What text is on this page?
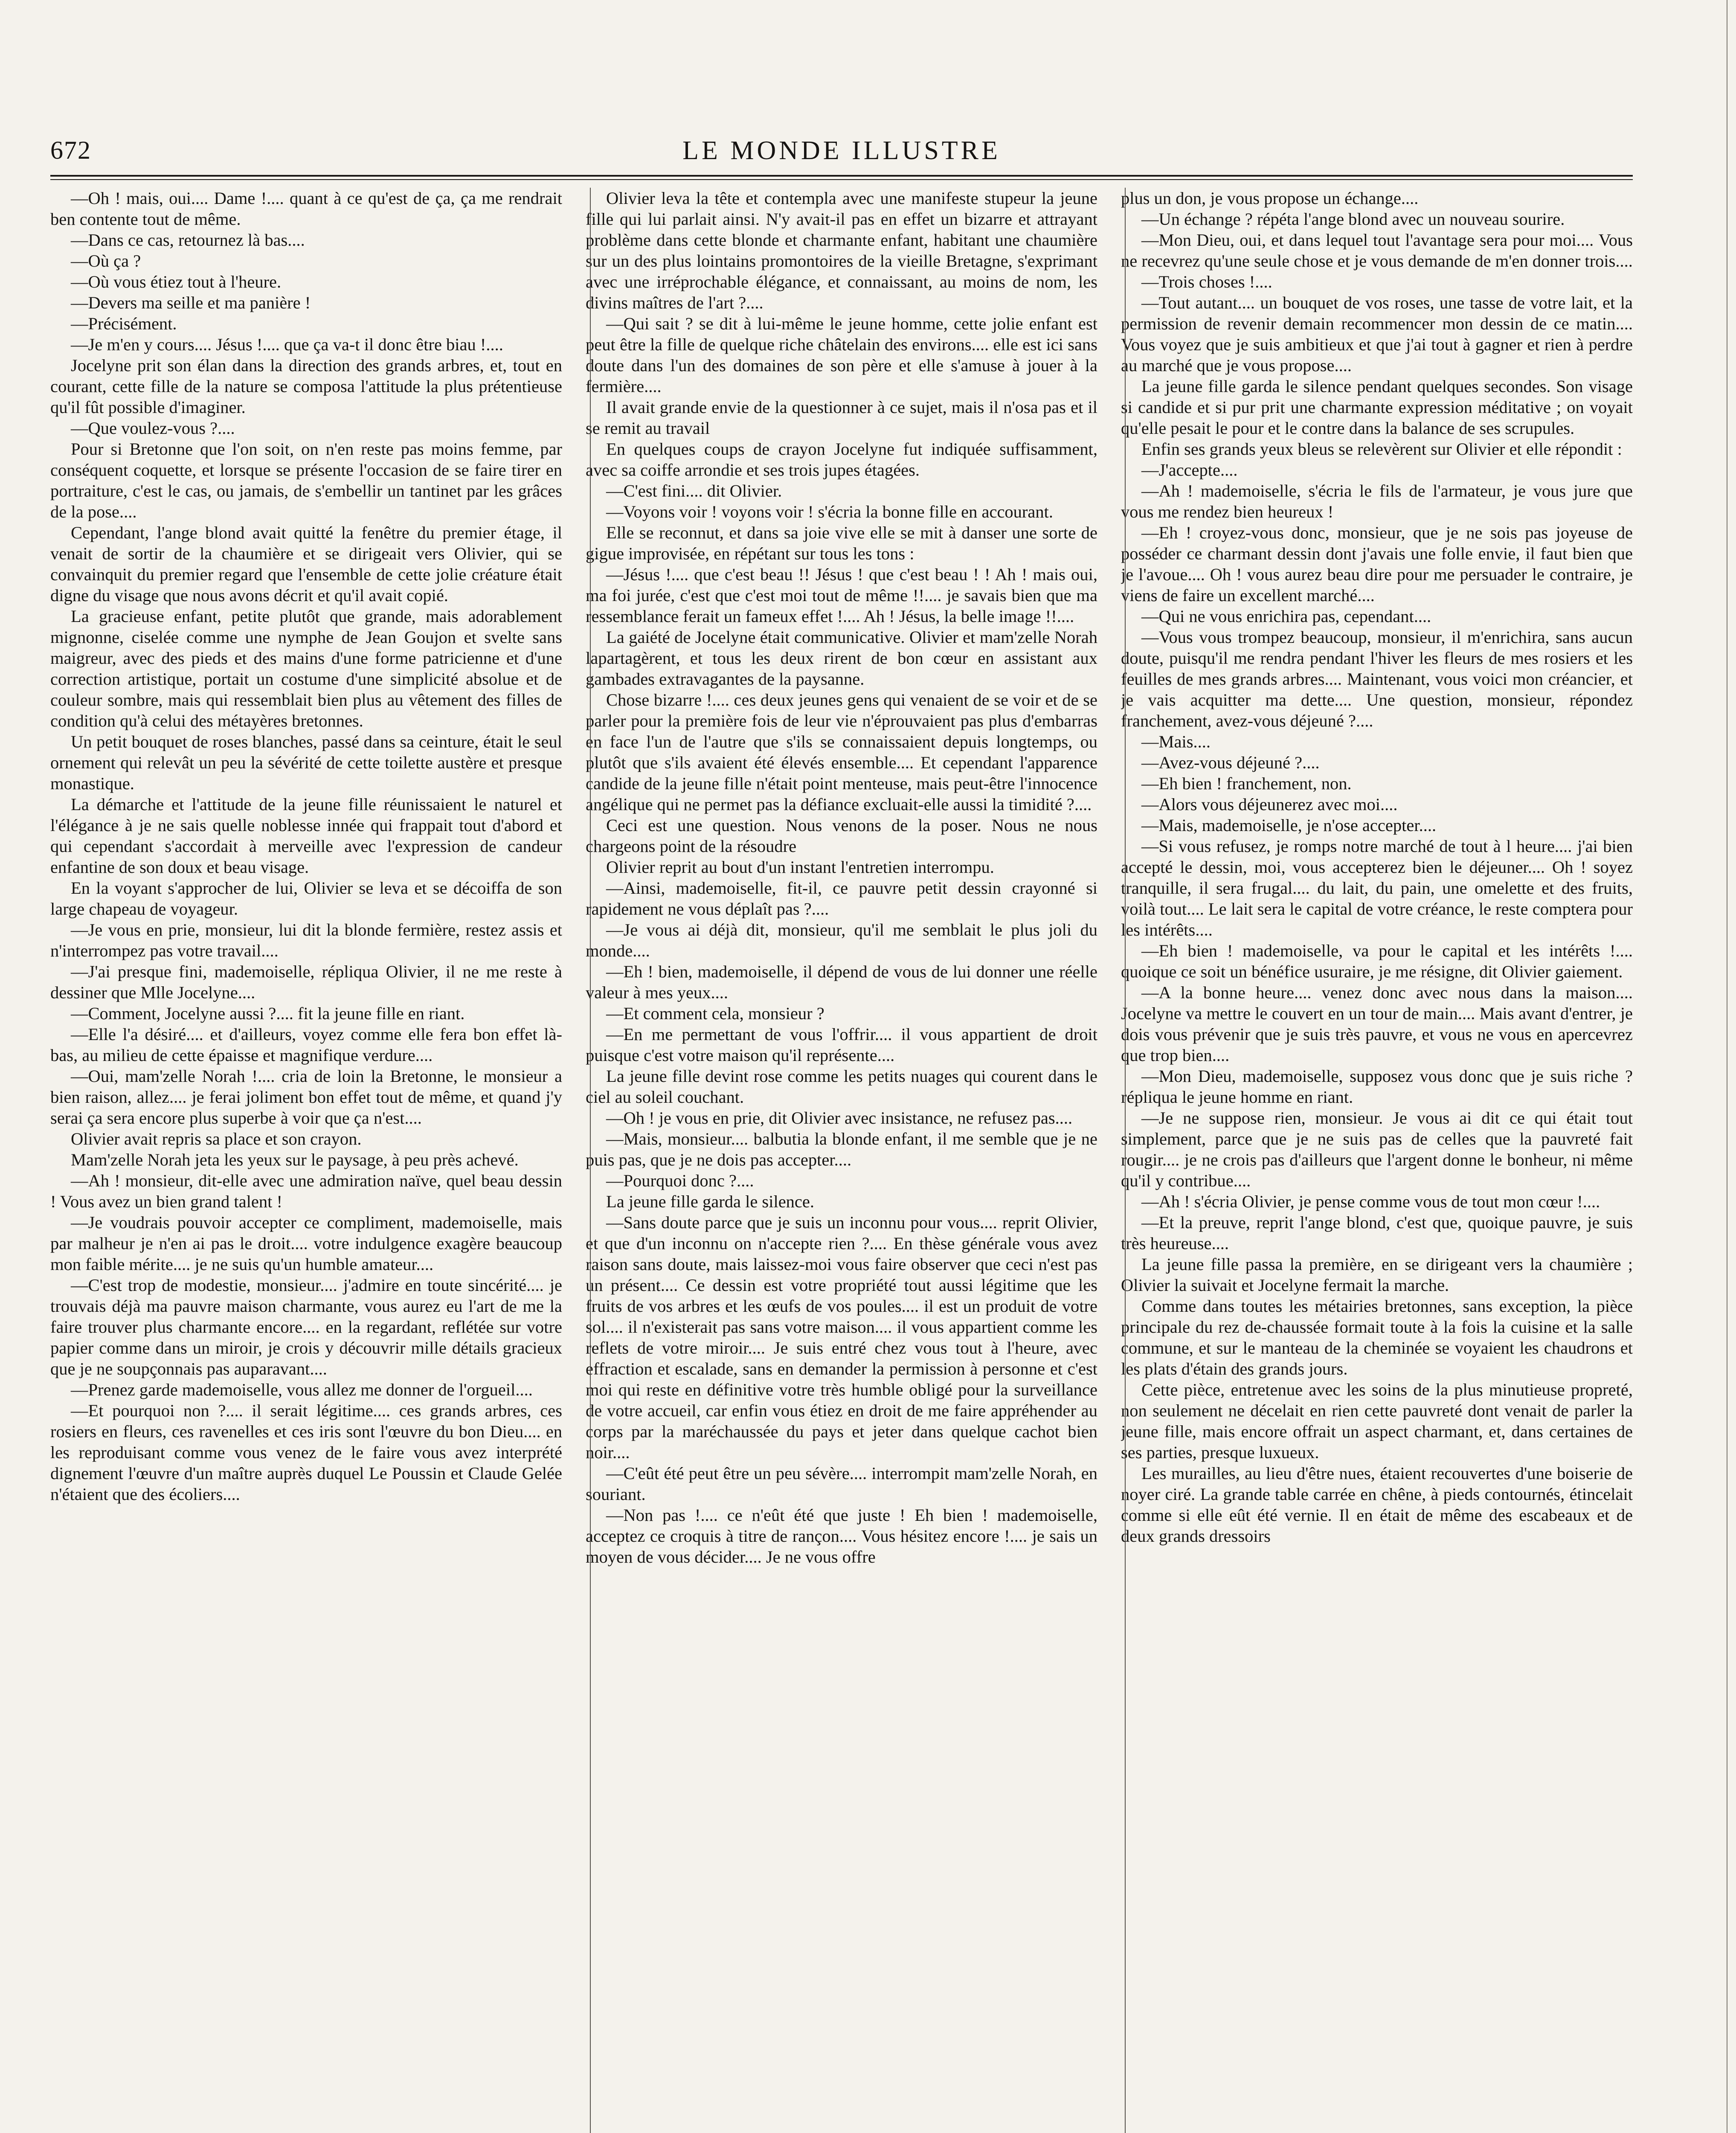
672	LE MONDE ILLUSTRE

—Oh ! mais, oui.... Dame !.... quant à ce qu'est de ça, ça me rendrait ben contente tout de même.

—Dans ce cas, retournez là bas....

—Où ça ?

—Où vous étiez tout à l'heure.

—Devers ma seille et ma panière !

—Précisément.

—Je m'en y cours.... Jésus !.... que ça va-t il donc être biau !....

Jocelyne prit son élan dans la direction des grands arbres, et, tout en courant, cette fille de la nature se composa l'attitude la plus prétentieuse qu'il fût possible d'imaginer.

—Que voulez-vous ?....

Pour si Bretonne que l'on soit, on n'en reste pas moins femme, par conséquent coquette, et lorsque se présente l'occasion de se faire tirer en portraiture, c'est le cas, ou jamais, de s'embellir un tantinet par les grâces de la pose....

Cependant, l'ange blond avait quitté la fenêtre du premier étage, il venait de sortir de la chaumière et se dirigeait vers Olivier, qui se convainquit du premier regard que l'ensemble de cette jolie créature était digne du visage que nous avons décrit et qu'il avait copié.

La gracieuse enfant, petite plutôt que grande, mais adorablement mignonne, ciselée comme une nymphe de Jean Goujon et svelte sans maigreur, avec des pieds et des mains d'une forme patricienne et d'une correction artistique, portait un costume d'une simplicité absolue et de couleur sombre, mais qui ressemblait bien plus au vêtement des filles de condition qu'à celui des métayères bretonnes.

Un petit bouquet de roses blanches, passé dans sa ceinture, était le seul ornement qui relevât un peu la sévérité de cette toilette austère et presque monastique.

La démarche et l'attitude de la jeune fille réunissaient le naturel et l'élégance à je ne sais quelle noblesse innée qui frappait tout d'abord et qui cependant s'accordait à merveille avec l'expression de candeur enfantine de son doux et beau visage.

En la voyant s'approcher de lui, Olivier se leva et se décoiffa de son large chapeau de voyageur.

—Je vous en prie, monsieur, lui dit la blonde fermière, restez assis et n'interrompez pas votre travail....

—J'ai presque fini, mademoiselle, répliqua Olivier, il ne me reste à dessiner que Mlle Jocelyne....

—Comment, Jocelyne aussi ?.... fit la jeune fille en riant.

—Elle l'a désiré.... et d'ailleurs, voyez comme elle fera bon effet là-bas, au milieu de cette épaisse et magnifique verdure....

—Oui, mam'zelle Norah !.... cria de loin la Bretonne, le monsieur a bien raison, allez.... je ferai joliment bon effet tout de même, et quand j'y serai ça sera encore plus superbe à voir que ça n'est....

Olivier avait repris sa place et son crayon.

Mam'zelle Norah jeta les yeux sur le paysage, à peu près achevé.

—Ah ! monsieur, dit-elle avec une admiration naïve, quel beau dessin ! Vous avez un bien grand talent !

—Je voudrais pouvoir accepter ce compliment, mademoiselle, mais par malheur je n'en ai pas le droit.... votre indulgence exagère beaucoup mon faible mérite.... je ne suis qu'un humble amateur....

—C'est trop de modestie, monsieur.... j'admire en toute sincérité.... je trouvais déjà ma pauvre maison charmante, vous aurez eu l'art de me la faire trouver plus charmante encore.... en la regardant, reflétée sur votre papier comme dans un miroir, je crois y découvrir mille détails gracieux que je ne soupçonnais pas auparavant....

—Prenez garde mademoiselle, vous allez me donner de l'orgueil....

—Et pourquoi non ?.... il serait légitime.... ces grands arbres, ces rosiers en fleurs, ces ravenelles et ces iris sont l'œuvre du bon Dieu.... en les reproduisant comme vous venez de le faire vous avez interprété dignement l'œuvre d'un maître auprès duquel Le Poussin et Claude Gelée n'étaient que des écoliers....

Olivier leva la tête et contempla avec une manifeste stupeur la jeune fille qui lui parlait ainsi. N'y avait-il pas en effet un bizarre et attrayant problème dans cette blonde et charmante enfant, habitant une chaumière sur un des plus lointains promontoires de la vieille Bretagne, s'exprimant avec une irréprochable élégance, et connaissant, au moins de nom, les divins maîtres de l'art ?....

—Qui sait ? se dit à lui-même le jeune homme, cette jolie enfant est peut être la fille de quelque riche châtelain des environs.... elle est ici sans doute dans l'un des domaines de son père et elle s'amuse à jouer à la fermière....

Il avait grande envie de la questionner à ce sujet, mais il n'osa pas et il se remit au travail

En quelques coups de crayon Jocelyne fut indiquée suffisamment, avec sa coiffe arrondie et ses trois jupes étagées.

—C'est fini.... dit Olivier.

—Voyons voir ! voyons voir ! s'écria la bonne fille en accourant.

Elle se reconnut, et dans sa joie vive elle se mit à danser une sorte de gigue improvisée, en répétant sur tous les tons :

—Jésus !.... que c'est beau !! Jésus ! que c'est beau ! ! Ah ! mais oui, ma foi jurée, c'est que c'est moi tout de même !!.... je savais bien que ma ressemblance ferait un fameux effet !.... Ah ! Jésus, la belle image !!....

La gaiété de Jocelyne était communicative. Olivier et mam'zelle Norah lapartagèrent, et tous les deux rirent de bon cœur en assistant aux gambades extravagantes de la paysanne.

Chose bizarre !.... ces deux jeunes gens qui venaient de se voir et de se parler pour la première fois de leur vie n'éprouvaient pas plus d'embarras en face l'un de l'autre que s'ils se connaissaient depuis longtemps, ou plutôt que s'ils avaient été élevés ensemble.... Et cependant l'apparence candide de la jeune fille n'était point menteuse, mais peut-être l'innocence angélique qui ne permet pas la défiance excluait-elle aussi la timidité ?....

Ceci est une question. Nous venons de la poser. Nous ne nous chargeons point de la résoudre

Olivier reprit au bout d'un instant l'entretien interrompu.

—Ainsi, mademoiselle, fit-il, ce pauvre petit dessin crayonné si rapidement ne vous déplaît pas ?....

—Je vous ai déjà dit, monsieur, qu'il me semblait le plus joli du monde....

—Eh ! bien, mademoiselle, il dépend de vous de lui donner une réelle valeur à mes yeux....

—Et comment cela, monsieur ?

—En me permettant de vous l'offrir.... il vous appartient de droit puisque c'est votre maison qu'il représente....

La jeune fille devint rose comme les petits nuages qui courent dans le ciel au soleil couchant.

—Oh ! je vous en prie, dit Olivier avec insistance, ne refusez pas....

—Mais, monsieur.... balbutia la blonde enfant, il me semble que je ne puis pas, que je ne dois pas accepter....

—Pourquoi donc ?....

La jeune fille garda le silence.

—Sans doute parce que je suis un inconnu pour vous.... reprit Olivier, et que d'un inconnu on n'accepte rien ?.... En thèse générale vous avez raison sans doute, mais laissez-moi vous faire observer que ceci n'est pas un présent.... Ce dessin est votre propriété tout aussi légitime que les fruits de vos arbres et les œufs de vos poules.... il est un produit de votre sol.... il n'existerait pas sans votre maison.... il vous appartient comme les reflets de votre miroir.... Je suis entré chez vous tout à l'heure, avec effraction et escalade, sans en demander la permission à personne et c'est moi qui reste en définitive votre très humble obligé pour la surveillance de votre accueil, car enfin vous étiez en droit de me faire appréhender au corps par la maréchaussée du pays et jeter dans quelque cachot bien noir....

—C'eût été peut être un peu sévère.... interrompit mam'zelle Norah, en souriant.

—Non pas !.... ce n'eût été que juste ! Eh bien ! mademoiselle, acceptez ce croquis à titre de rançon.... Vous hésitez encore !.... je sais un moyen de vous décider.... Je ne vous offre

plus un don, je vous propose un échange....

—Un échange ? répéta l'ange blond avec un nouveau sourire.

—Mon Dieu, oui, et dans lequel tout l'avantage sera pour moi.... Vous ne recevrez qu'une seule chose et je vous demande de m'en donner trois....

—Trois choses !....

—Tout autant.... un bouquet de vos roses, une tasse de votre lait, et la permission de revenir demain recommencer mon dessin de ce matin.... Vous voyez que je suis ambitieux et que j'ai tout à gagner et rien à perdre au marché que je vous propose....

La jeune fille garda le silence pendant quelques secondes. Son visage si candide et si pur prit une charmante expression méditative ; on voyait qu'elle pesait le pour et le contre dans la balance de ses scrupules.

Enfin ses grands yeux bleus se relevèrent sur Olivier et elle répondit :

—J'accepte....

—Ah ! mademoiselle, s'écria le fils de l'armateur, je vous jure que vous me rendez bien heureux !

—Eh ! croyez-vous donc, monsieur, que je ne sois pas joyeuse de posséder ce charmant dessin dont j'avais une folle envie, il faut bien que je l'avoue.... Oh ! vous aurez beau dire pour me persuader le contraire, je viens de faire un excellent marché....

—Qui ne vous enrichira pas, cependant....

—Vous vous trompez beaucoup, monsieur, il m'enrichira, sans aucun doute, puisqu'il me rendra pendant l'hiver les fleurs de mes rosiers et les feuilles de mes grands arbres.... Maintenant, vous voici mon créancier, et je vais acquitter ma dette.... Une question, monsieur, répondez franchement, avez-vous déjeuné ?....

—Mais....

—Avez-vous déjeuné ?....

—Eh bien ! franchement, non.

—Alors vous déjeunerez avec moi....

—Mais, mademoiselle, je n'ose accepter....

—Si vous refusez, je romps notre marché de tout à l heure.... j'ai bien accepté le dessin, moi, vous accepterez bien le déjeuner.... Oh ! soyez tranquille, il sera frugal.... du lait, du pain, une omelette et des fruits, voilà tout.... Le lait sera le capital de votre créance, le reste comptera pour les intérêts....

—Eh bien ! mademoiselle, va pour le capital et les intérêts !.... quoique ce soit un bénéfice usuraire, je me résigne, dit Olivier gaiement.

—A la bonne heure.... venez donc avec nous dans la maison.... Jocelyne va mettre le couvert en un tour de main.... Mais avant d'entrer, je dois vous prévenir que je suis très pauvre, et vous ne vous en apercevrez que trop bien....

—Mon Dieu, mademoiselle, supposez vous donc que je suis riche ? répliqua le jeune homme en riant.

—Je ne suppose rien, monsieur. Je vous ai dit ce qui était tout simplement, parce que je ne suis pas de celles que la pauvreté fait rougir.... je ne crois pas d'ailleurs que l'argent donne le bonheur, ni même qu'il y contribue....

—Ah ! s'écria Olivier, je pense comme vous de tout mon cœur !....

—Et la preuve, reprit l'ange blond, c'est que, quoique pauvre, je suis très heureuse....

La jeune fille passa la première, en se dirigeant vers la chaumière ; Olivier la suivait et Jocelyne fermait la marche.

Comme dans toutes les métairies bretonnes, sans exception, la pièce principale du rez de-chaussée formait toute à la fois la cuisine et la salle commune, et sur le manteau de la cheminée se voyaient les chaudrons et les plats d'étain des grands jours.

Cette pièce, entretenue avec les soins de la plus minutieuse propreté, non seulement ne décelait en rien cette pauvreté dont venait de parler la jeune fille, mais encore offrait un aspect charmant, et, dans certaines de ses parties, presque luxueux.

Les murailles, au lieu d'être nues, étaient recouvertes d'une boiserie de noyer ciré. La grande table carrée en chêne, à pieds contournés, étincelait comme si elle eût été vernie. Il en était de même des escabeaux et de deux grands dressoirs
